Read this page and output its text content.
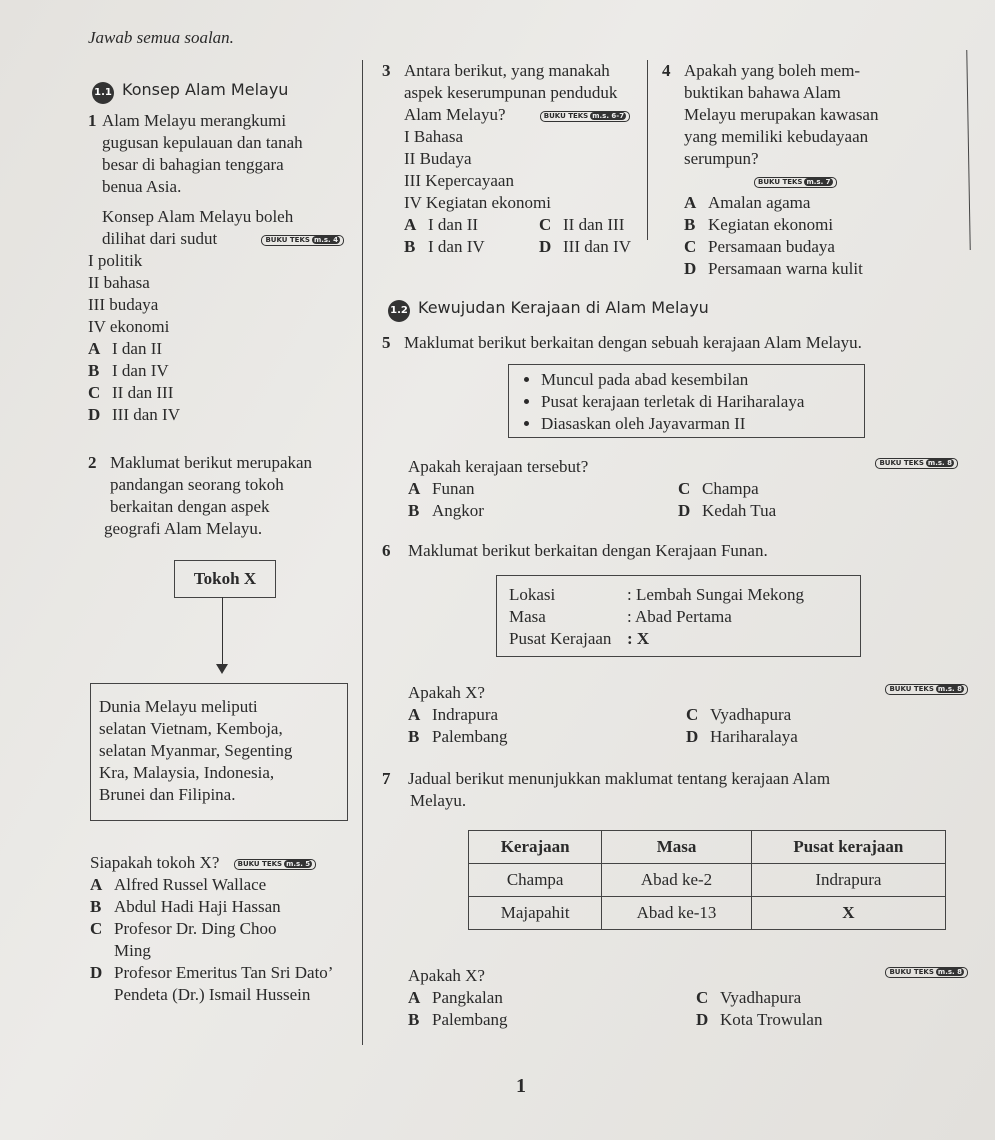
Jawab semua soalan.
1.1 Konsep Alam Melayu
1 Alam Melayu merangkumi
gugusan kepulauan dan tanah
besar di bahagian tenggara
benua Asia.
Konsep Alam Melayu boleh
dilihat dari sudut	BUKU TEKS m.s. 4
I politik
II bahasa
III budaya
IV ekonomi
A I dan II
B I dan IV
C II dan III
D III dan IV
3 Antara berikut, yang manakah
aspek keserumpunan penduduk
Alam Melayu?	BUKU TEKS m.s. 6-7
I Bahasa
II Budaya
III Kepercayaan
IV Kegiatan ekonomi
A I dan II	C II dan III
B I dan IV	D III dan IV
4 Apakah yang boleh mem-
buktikan bahawa Alam
Melayu merupakan kawasan
yang memiliki kebudayaan
serumpun? BUKU TEKS m.s. 7
A Amalan agama
B Kegiatan ekonomi
C Persamaan budaya
D Persamaan warna kulit
1.2 Kewujudan Kerajaan di Alam Melayu
5 Maklumat berikut berkaitan dengan sebuah kerajaan Alam Melayu.
• Muncul pada abad kesembilan
• Pusat kerajaan terletak di Hariharalaya
• Diasaskan oleh Jayavarman II
Apakah kerajaan tersebut?	BUKU TEKS m.s. 8
A Funan	C Champa
B Angkor	D Kedah Tua
2 Maklumat berikut merupakan
pandangan seorang tokoh
berkaitan dengan aspek
geografi Alam Melayu.
Tokoh X
Dunia Melayu meliputi
selatan Vietnam, Kemboja,
selatan Myanmar, Segenting
Kra, Malaysia, Indonesia,
Brunei dan Filipina.
Siapakah tokoh X?	BUKU TEKS m.s. 5
A Alfred Russel Wallace
B Abdul Hadi Haji Hassan
C Profesor Dr. Ding Choo Ming
D Profesor Emeritus Tan Sri Dato’ Pendeta (Dr.) Ismail Hussein
6 Maklumat berikut berkaitan dengan Kerajaan Funan.
Lokasi	: Lembah Sungai Mekong
Masa	: Abad Pertama
Pusat Kerajaan : X
Apakah X?	BUKU TEKS m.s. 8
A Indrapura	C Vyadhapura
B Palembang	D Hariharalaya
7 Jadual berikut menunjukkan maklumat tentang kerajaan Alam
Melayu.
Kerajaan	Masa	Pusat kerajaan
Champa	Abad ke-2	Indrapura
Majapahit	Abad ke-13	X
Apakah X?	BUKU TEKS m.s. 8
A Pangkalan	C Vyadhapura
B Palembang	D Kota Trowulan
1
